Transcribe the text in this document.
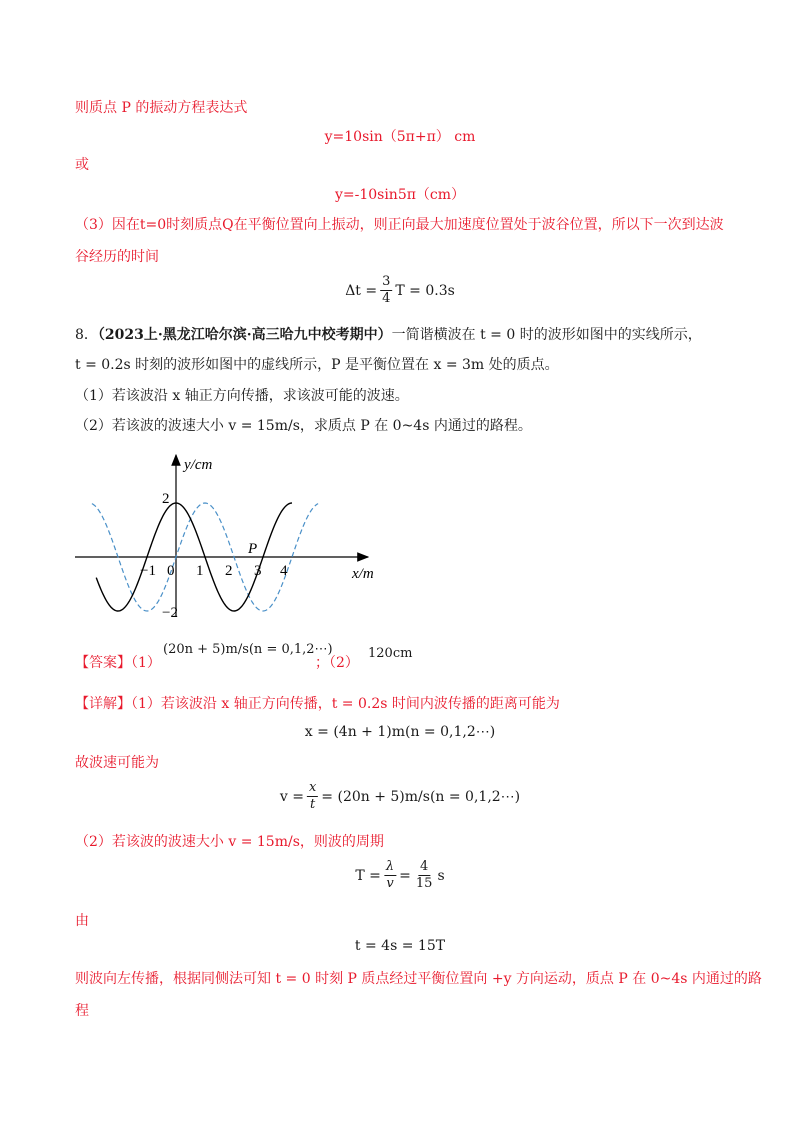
则质点 P 的振动方程表达式
y=10sin（5π+π） cm
或
y=-10sin5π（cm）
（3）因在t=0时刻质点Q在平衡位置向上振动，则正向最大加速度位置处于波谷位置，所以下一次到达波
谷经历的时间
$\Delta t = \frac{3}{4}$ T = 0.3s
8．（2023上·黑龙江哈尔滨·高三哈九中校考期中）一简谐横波在 t = 0 时的波形如图中的实线所示，
t = 0.2s 时刻的波形如图中的虚线所示，P 是平衡位置在 x = 3m 处的质点。
（1）若该波沿 x 轴正方向传播，求该波可能的波速。
（2）若该波的波速大小 v = 15m/s，求质点 P 在 0~4s 内通过的路程。
y/cm
x/m
2
−2
−1 0 1 2 3 4
P
【答案】（1）
(20n + 5)m/s(n = 0,1,2⋯)
；（2）
120cm
【详解】（1）若该波沿 x 轴正方向传播，t = 0.2s 时间内波传播的距离可能为
x = (4n + 1)m(n = 0,1,2⋯)
故波速可能为
$v = \frac{x}{t} = (20n + 5)m/s(n$ = 0,1,2⋯)
（2）若该波的波速大小 v = 15m/s，则波的周期
$T = \frac{\lambda}{v} = \frac{4}{15}$ s
由
t = 4s = 15T
则波向左传播，根据同侧法可知 t = 0 时刻 P 质点经过平衡位置向 +y 方向运动，质点 P 在 0~4s 内通过的路
程
